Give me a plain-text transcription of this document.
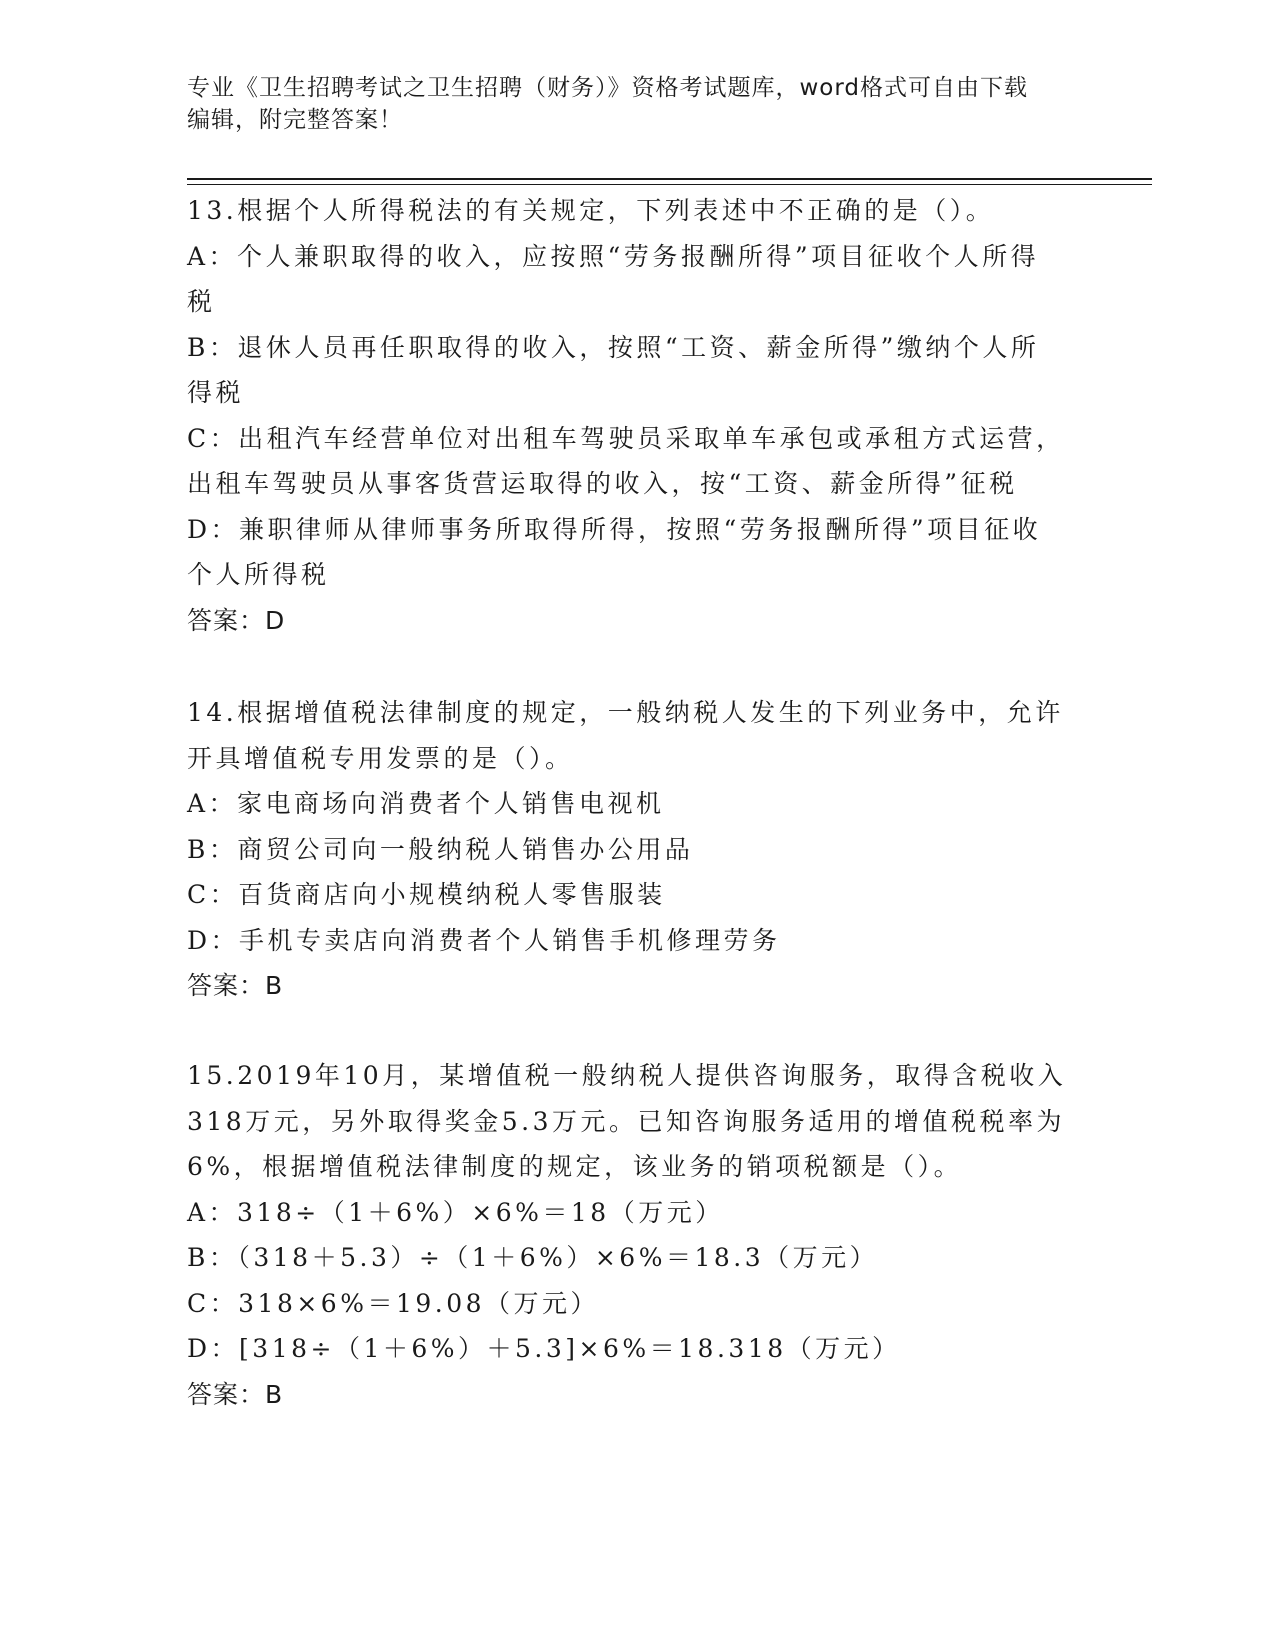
专业《卫生招聘考试之卫生招聘（财务）》资格考试题库，word格式可自由下载
编辑，附完整答案！
13.根据个人所得税法的有关规定，下列表述中不正确的是（）。
A：个人兼职取得的收入，应按照“劳务报酬所得”项目征收个人所得
税
B：退休人员再任职取得的收入，按照“工资、薪金所得”缴纳个人所
得税
C：出租汽车经营单位对出租车驾驶员采取单车承包或承租方式运营，
出租车驾驶员从事客货营运取得的收入，按“工资、薪金所得”征税
D：兼职律师从律师事务所取得所得，按照“劳务报酬所得”项目征收
个人所得税
答案：D
14.根据增值税法律制度的规定，一般纳税人发生的下列业务中，允许
开具增值税专用发票的是（）。
A：家电商场向消费者个人销售电视机
B：商贸公司向一般纳税人销售办公用品
C：百货商店向小规模纳税人零售服装
D：手机专卖店向消费者个人销售手机修理劳务
答案：B
15.2019年10月，某增值税一般纳税人提供咨询服务，取得含税收入
318万元，另外取得奖金5.3万元。已知咨询服务适用的增值税税率为
6%，根据增值税法律制度的规定，该业务的销项税额是（）。
A：318÷（1＋6%）×6%＝18（万元）
B：（318＋5.3）÷（1＋6%）×6%＝18.3（万元）
C：318×6%＝19.08（万元）
D：[318÷（1＋6%）＋5.3]×6%＝18.318（万元）
答案：B
